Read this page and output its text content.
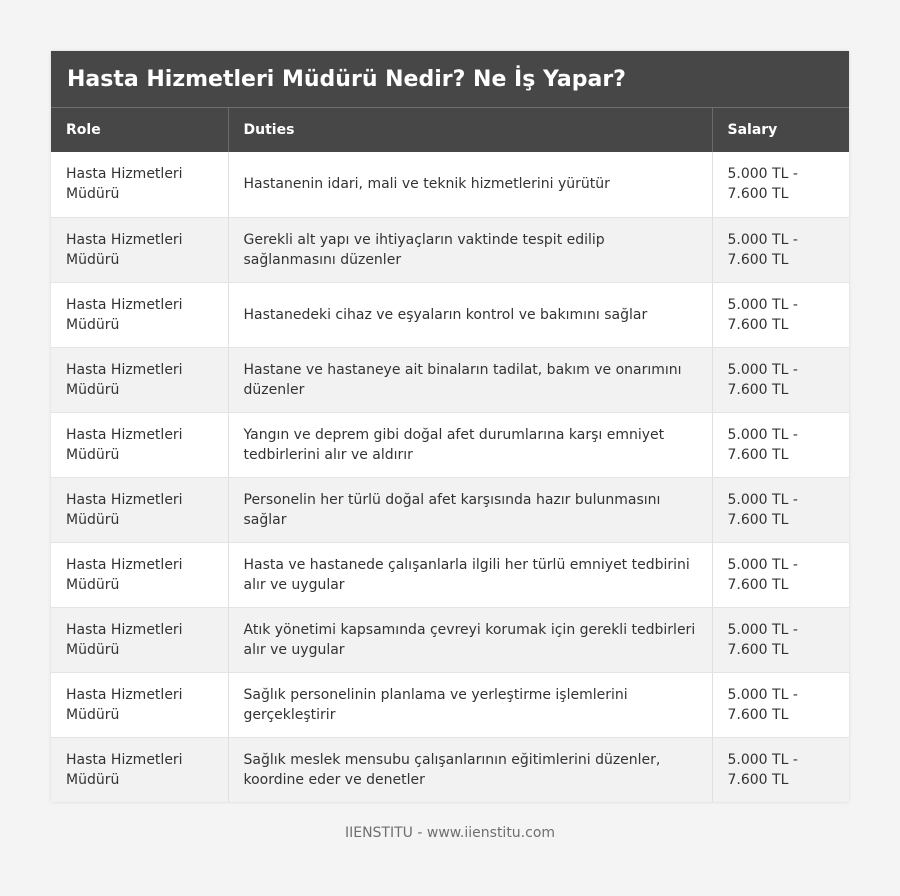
Hasta Hizmetleri Müdürü Nedir? Ne İş Yapar?
Role	Duties	Salary
Hasta Hizmetleri Müdürü	Hastanenin idari, mali ve teknik hizmetlerini yürütür	5.000 TL - 7.600 TL
Hasta Hizmetleri Müdürü	Gerekli alt yapı ve ihtiyaçların vaktinde tespit edilip sağlanmasını düzenler	5.000 TL - 7.600 TL
Hasta Hizmetleri Müdürü	Hastanedeki cihaz ve eşyaların kontrol ve bakımını sağlar	5.000 TL - 7.600 TL
Hasta Hizmetleri Müdürü	Hastane ve hastaneye ait binaların tadilat, bakım ve onarımını düzenler	5.000 TL - 7.600 TL
Hasta Hizmetleri Müdürü	Yangın ve deprem gibi doğal afet durumlarına karşı emniyet tedbirlerini alır ve aldırır	5.000 TL - 7.600 TL
Hasta Hizmetleri Müdürü	Personelin her türlü doğal afet karşısında hazır bulunmasını sağlar	5.000 TL - 7.600 TL
Hasta Hizmetleri Müdürü	Hasta ve hastanede çalışanlarla ilgili her türlü emniyet tedbirini alır ve uygular	5.000 TL - 7.600 TL
Hasta Hizmetleri Müdürü	Atık yönetimi kapsamında çevreyi korumak için gerekli tedbirleri alır ve uygular	5.000 TL - 7.600 TL
Hasta Hizmetleri Müdürü	Sağlık personelinin planlama ve yerleştirme işlemlerini gerçekleştirir	5.000 TL - 7.600 TL
Hasta Hizmetleri Müdürü	Sağlık meslek mensubu çalışanlarının eğitimlerini düzenler, koordine eder ve denetler	5.000 TL - 7.600 TL
IIENSTITU - www.iienstitu.com
